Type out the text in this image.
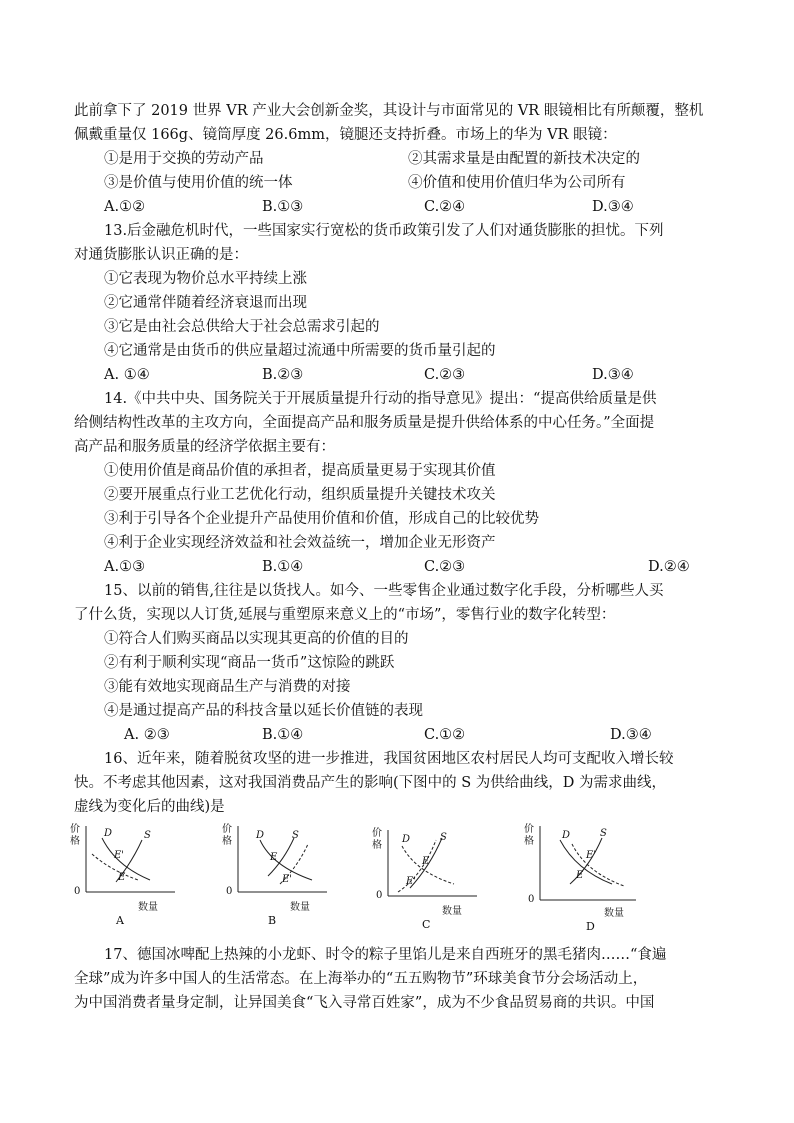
此前拿下了 2019 世界 VR 产业大会创新金奖，其设计与市面常见的 VR 眼镜相比有所颠覆，整机
佩戴重量仅 166g、镜筒厚度 26.6mm，镜腿还支持折叠。市场上的华为 VR 眼镜：
①是用于交换的劳动产品	②其需求量是由配置的新技术决定的
③是价值与使用价值的统一体	④价值和使用价值归华为公司所有
A.①②	B.①③	C.②④	D.③④
13.后金融危机时代，一些国家实行宽松的货币政策引发了人们对通货膨胀的担忧。下列
对通货膨胀认识正确的是：
①它表现为物价总水平持续上涨
②它通常伴随着经济衰退而出现
③它是由社会总供给大于社会总需求引起的
④它通常是由货币的供应量超过流通中所需要的货币量引起的
A. ①④	B.②③	C.②③	D.③④
14.《中共中央、国务院关于开展质量提升行动的指导意见》提出：“提高供给质量是供
给侧结构性改革的主攻方向，全面提高产品和服务质量是提升供给体系的中心任务。”全面提
高产品和服务质量的经济学依据主要有：
①使用价值是商品价值的承担者，提高质量更易于实现其价值
②要开展重点行业工艺优化行动，组织质量提升关键技术攻关
③利于引导各个企业提升产品使用价值和价值，形成自己的比较优势
④利于企业实现经济效益和社会效益统一，增加企业无形资产
A.①③	B.①④	C.②③	D.②④
15、以前的销售,往往是以货找人。如今、一些零售企业通过数字化手段，分析哪些人买
了什么货，实现以人订货,延展与重塑原来意义上的“市场”，零售行业的数字化转型：
①符合人们购买商品以实现其更高的价值的目的
②有利于顺利实现“商品一货币”这惊险的跳跃
③能有效地实现商品生产与消费的对接
④是通过提高产品的科技含量以延长价值链的表现
A. ②③	B.①④	C.①②	D.③④
16、近年来，随着脱贫攻坚的进一步推进，我国贫困地区农村居民人均可支配收入增长较
快。不考虑其他因素，这对我国消费品产生的影响(下图中的 S 为供给曲线，D 为需求曲线，
虚线为变化后的曲线)是
价格
0
D	S
E'
E
数量
A
价格
0
D	S
E
E'
数量
B
价格
0
D	S
E
E'
数量
C
价格
0
D	S
E'
E
数量
D
17、德国冰啤配上热辣的小龙虾、时令的粽子里馅儿是来自西班牙的黑毛猪肉……“食遍
全球”成为许多中国人的生活常态。在上海举办的“五五购物节”环球美食节分会场活动上，
为中国消费者量身定制，让异国美食“飞入寻常百姓家”，成为不少食品贸易商的共识。中国
